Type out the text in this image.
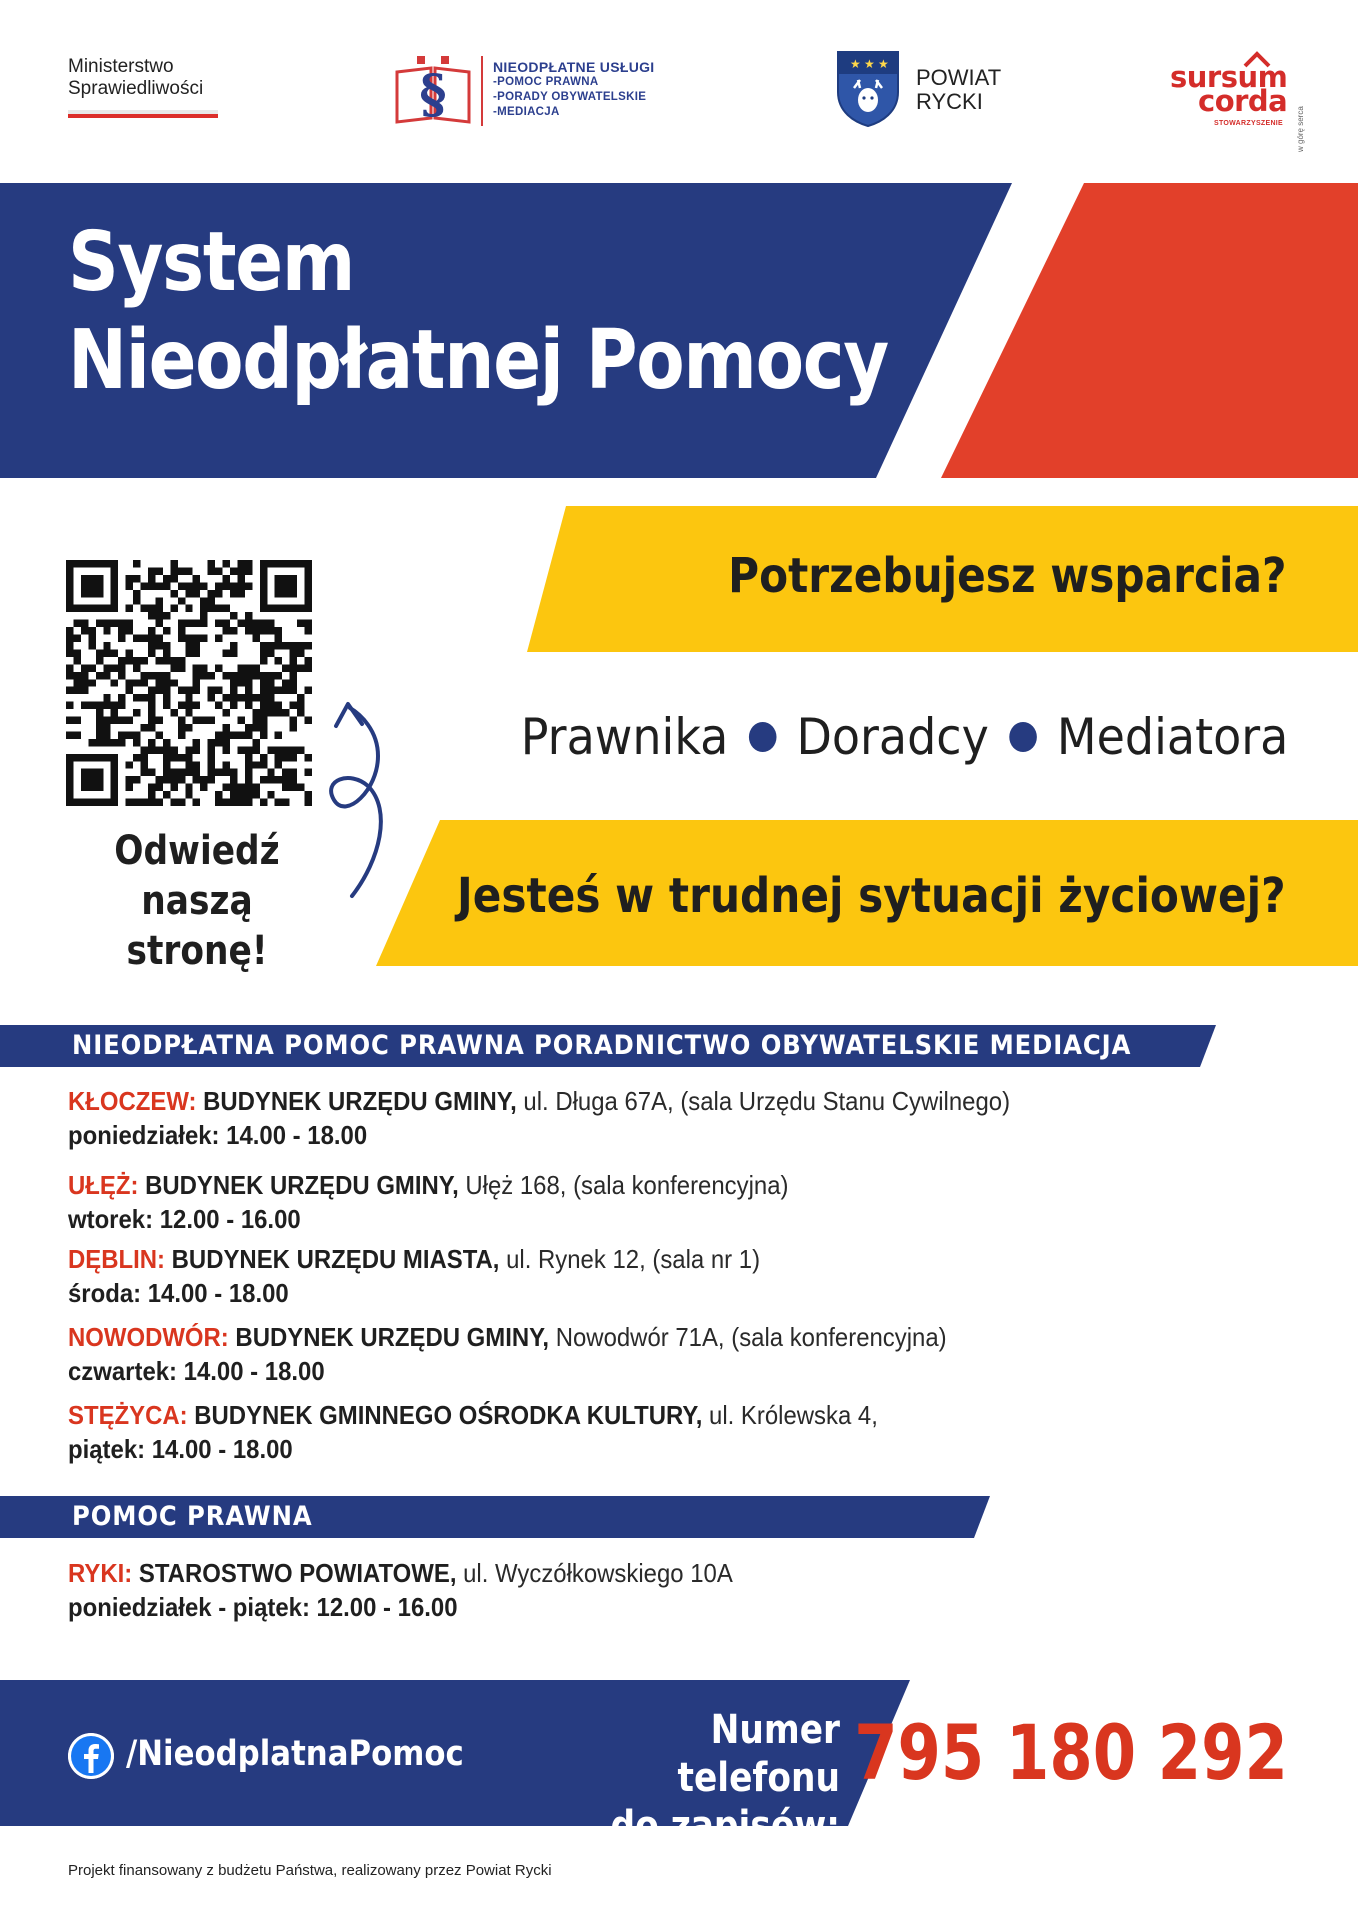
Ministerstwo
Sprawiedliwości	§	NIEODPŁATNE USŁUGI
-POMOC PRAWNA
-PORADY OBYWATELSKIE
-MEDIACJA
★ ★ ★
POWIAT
RYCKI
sursum
corda
STOWARZYSZENIE w górę serca
System
Nieodpłatnej Pomocy
Odwiedź
naszą stronę!
Potrzebujesz wsparcia?
Prawnika Doradcy Mediatora
Jesteś w trudnej sytuacji życiowej?
NIEODPŁATNA POMOC PRAWNA PORADNICTWO OBYWATELSKIE MEDIACJA
KŁOCZEW: BUDYNEK URZĘDU GMINY, ul. Długa 67A, (sala Urzędu Stanu Cywilnego)
poniedziałek: 14.00 - 18.00
UŁĘŻ: BUDYNEK URZĘDU GMINY, Ułęż 168, (sala konferencyjna)
wtorek: 12.00 - 16.00
DĘBLIN: BUDYNEK URZĘDU MIASTA, ul. Rynek 12, (sala nr 1)
środa: 14.00 - 18.00
NOWODWÓR: BUDYNEK URZĘDU GMINY, Nowodwór 71A, (sala konferencyjna)
czwartek: 14.00 - 18.00
STĘŻYCA: BUDYNEK GMINNEGO OŚRODKA KULTURY, ul. Królewska 4,
piątek: 14.00 - 18.00
POMOC PRAWNA
RYKI: STAROSTWO POWIATOWE, ul. Wyczółkowskiego 10A
poniedziałek - piątek: 12.00 - 16.00
/NieodplatnaPomoc
Numer telefonu
do zapisów:
795 180 292
Projekt finansowany z budżetu Państwa, realizowany przez Powiat Rycki
